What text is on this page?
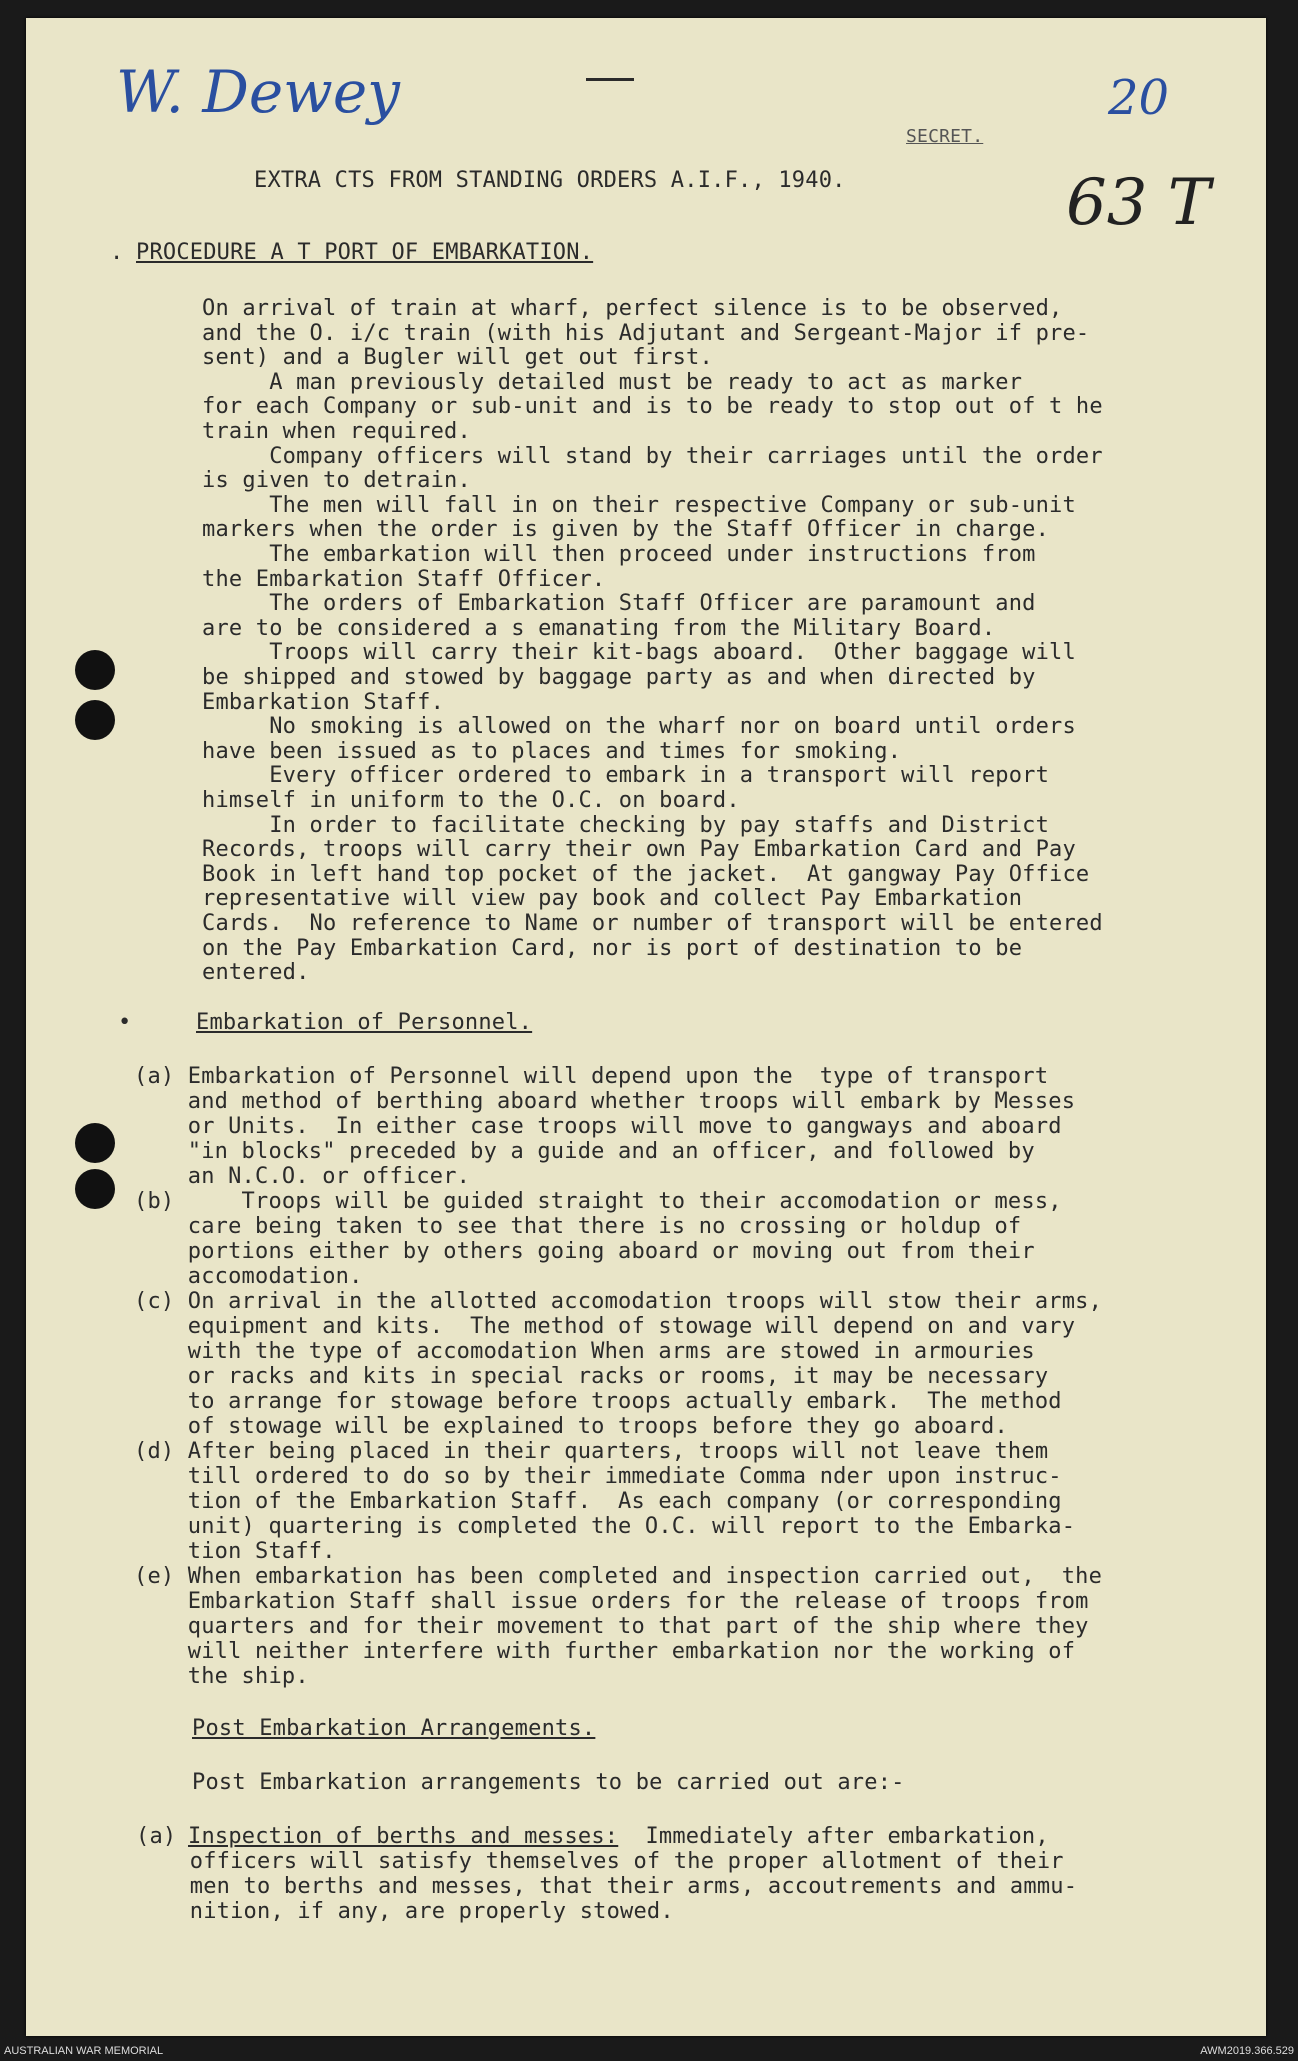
W. Dewey	20
63 T
SECRET.
EXTRA CTS FROM STANDING ORDERS A.I.F., 1940.
. PROCEDURE A T PORT OF EMBARKATION.
On arrival of train at wharf, perfect silence is to be observed,
and the O. i/c train (with his Adjutant and Sergeant-Major if pre-
sent) and a Bugler will get out first.
A man previously detailed must be ready to act as marker
for each Company or sub-unit and is to be ready to stop out of t he
train when required.
Company officers will stand by their carriages until the order
is given to detrain.
The men will fall in on their respective Company or sub-unit
markers when the order is given by the Staff Officer in charge.
The embarkation will then proceed under instructions from
the Embarkation Staff Officer.
The orders of Embarkation Staff Officer are paramount and
are to be considered a s emanating from the Military Board.
Troops will carry their kit-bags aboard.  Other baggage will
be shipped and stowed by baggage party as and when directed by
Embarkation Staff.
No smoking is allowed on the wharf nor on board until orders
have been issued as to places and times for smoking.
Every officer ordered to embark in a transport will report
himself in uniform to the O.C. on board.
In order to facilitate checking by pay staffs and District
Records, troops will carry their own Pay Embarkation Card and Pay
Book in left hand top pocket of the jacket.  At gangway Pay Office
representative will view pay book and collect Pay Embarkation
Cards.  No reference to Name or number of transport will be entered
on the Pay Embarkation Card, nor is port of destination to be
entered.
•	Embarkation of Personnel.
(a) Embarkation of Personnel will depend upon the  type of transport
and method of berthing aboard whether troops will embark by Messes
or Units.  In either case troops will move to gangways and aboard
"in blocks" preceded by a guide and an officer, and followed by
an N.C.O. or officer.
(b)     Troops will be guided straight to their accomodation or mess,
care being taken to see that there is no crossing or holdup of
portions either by others going aboard or moving out from their
accomodation.
(c) On arrival in the allotted accomodation troops will stow their arms,
equipment and kits.  The method of stowage will depend on and vary
with the type of accomodation When arms are stowed in armouries
or racks and kits in special racks or rooms, it may be necessary
to arrange for stowage before troops actually embark.  The method
of stowage will be explained to troops before they go aboard.
(d) After being placed in their quarters, troops will not leave them
till ordered to do so by their immediate Comma nder upon instruc-
tion of the Embarkation Staff.  As each company (or corresponding
unit) quartering is completed the O.C. will report to the Embarka-
tion Staff.
(e) When embarkation has been completed and inspection carried out,  the
Embarkation Staff shall issue orders for the release of troops from
quarters and for their movement to that part of the ship where they
will neither interfere with further embarkation nor the working of
the ship.
Post Embarkation Arrangements.
Post Embarkation arrangements to be carried out are:-
(a) Inspection of berths and messes: Immediately after embarkation,
officers will satisfy themselves of the proper allotment of their
men to berths and messes, that their arms, accoutrements and ammu-
nition, if any, are properly stowed.
AUSTRALIAN WAR MEMORIAL	AWM2019.366.529
